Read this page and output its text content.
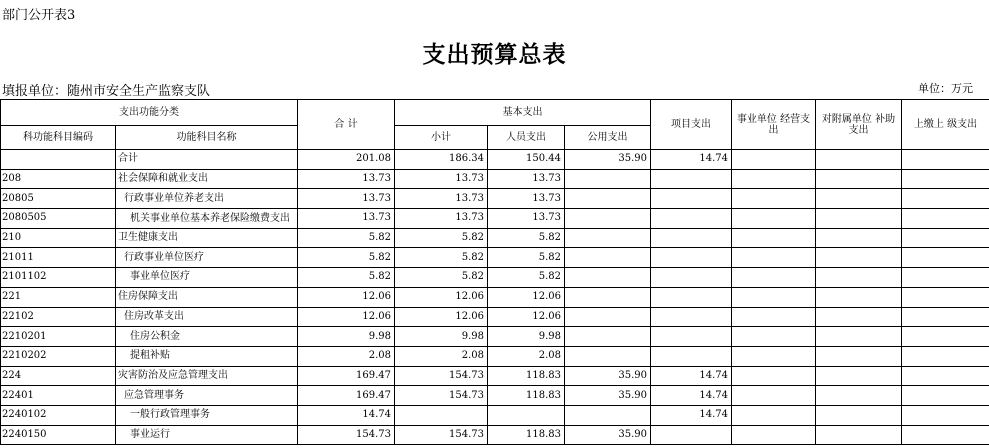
部门公开表3
支出预算总表
填报单位：随州市安全生产监察支队	单位：万元
支出功能分类		合 计	基本支出			项目支出	事业单位 经营支出	对附属单位 补助支出	上缴上 级支出
科功能科目编码	功能科目名称		小计	人员支出	公用支出				
	合计	201.08	186.34	150.44	35.90	14.74			
208	社会保障和就业支出	13.73	13.73	13.73					
20805	行政事业单位养老支出	13.73	13.73	13.73					
2080505	机关事业单位基本养老保险缴费支出	13.73	13.73	13.73					
210	卫生健康支出	5.82	5.82	5.82					
21011	行政事业单位医疗	5.82	5.82	5.82					
2101102	事业单位医疗	5.82	5.82	5.82					
221	住房保障支出	12.06	12.06	12.06					
22102	住房改革支出	12.06	12.06	12.06					
2210201	住房公积金	9.98	9.98	9.98					
2210202	提租补贴	2.08	2.08	2.08					
224	灾害防治及应急管理支出	169.47	154.73	118.83	35.90	14.74			
22401	应急管理事务	169.47	154.73	118.83	35.90	14.74			
2240102	一般行政管理事务	14.74				14.74			
2240150	事业运行	154.73	154.73	118.83	35.90				
